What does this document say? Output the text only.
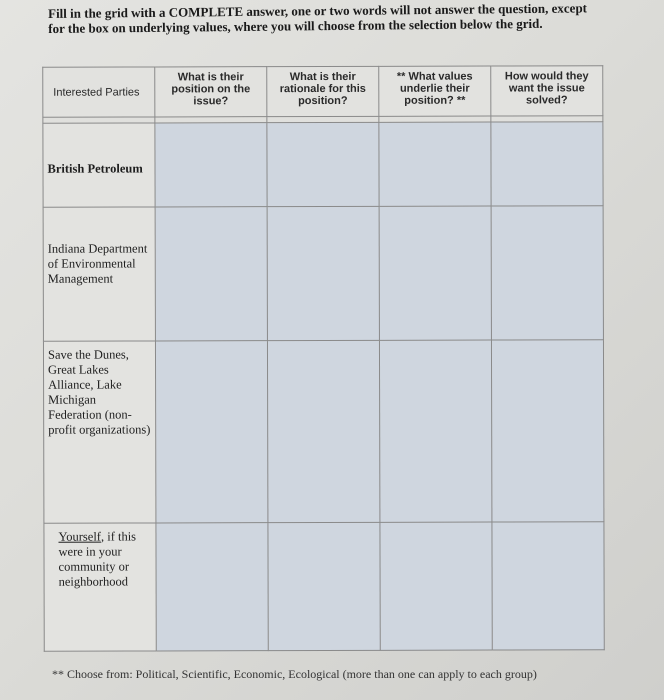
Fill in the grid with a COMPLETE answer, one or two words will not answer the question, except for the box on underlying values, where you will choose from the selection below the grid.
Interested Parties	What is their position on the issue?	What is their rationale for this position?	** What values underlie their position? **	How would they want the issue solved?

British Petroleum				
Indiana Department of Environmental Management				
Save the Dunes, Great Lakes Alliance, Lake Michigan Federation (non-profit organizations)				
Yourself, if this were in your community or neighborhood				
** Choose from: Political, Scientific, Economic, Ecological (more than one can apply to each group)
